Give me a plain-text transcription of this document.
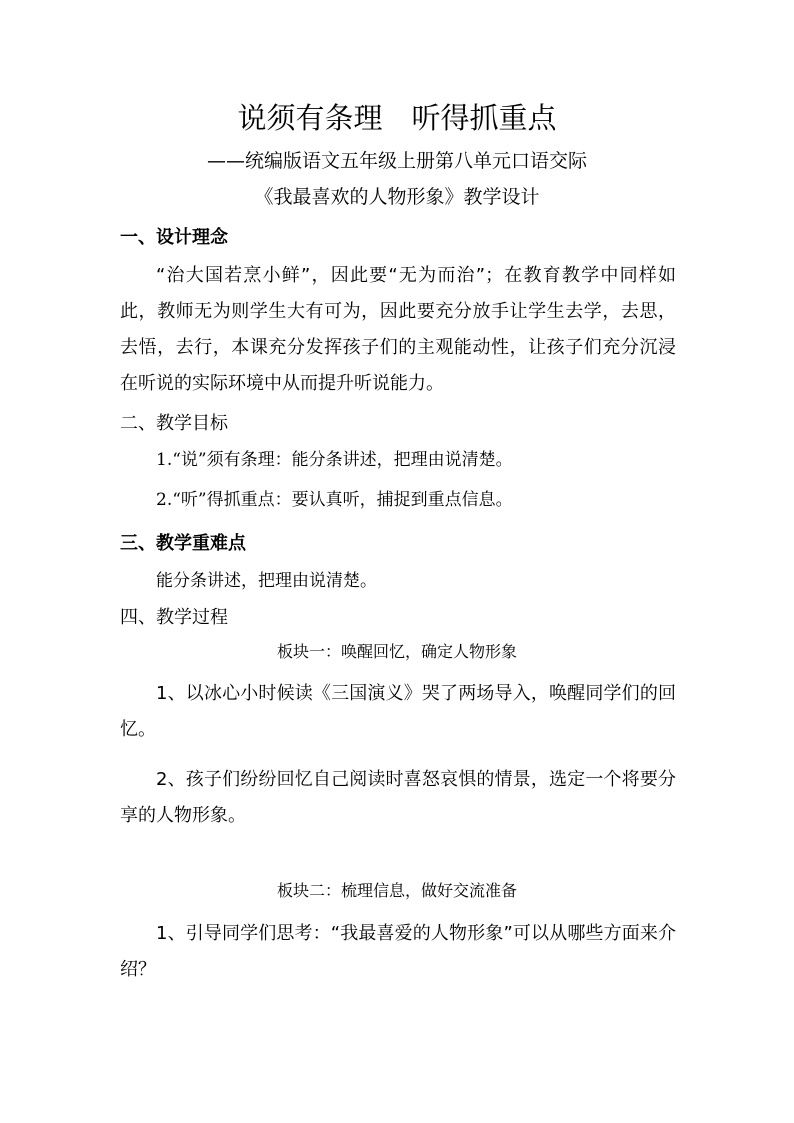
说须有条理　听得抓重点
——统编版语文五年级上册第八单元口语交际
《我最喜欢的人物形象》教学设计
一、设计理念
“治大国若烹小鲜”，因此要“无为而治”；在教育教学中同样如此，教师无为则学生大有可为，因此要充分放手让学生去学，去思，去悟，去行，本课充分发挥孩子们的主观能动性，让孩子们充分沉浸在听说的实际环境中从而提升听说能力。
二、教学目标
1.“说”须有条理：能分条讲述，把理由说清楚。
2.“听”得抓重点：要认真听，捕捉到重点信息。
三、教学重难点
能分条讲述，把理由说清楚。
四、教学过程
板块一：唤醒回忆，确定人物形象
1、以冰心小时候读《三国演义》哭了两场导入，唤醒同学们的回忆。
2、孩子们纷纷回忆自己阅读时喜怒哀惧的情景，选定一个将要分享的人物形象。
板块二：梳理信息，做好交流准备
1、引导同学们思考：“我最喜爱的人物形象”可以从哪些方面来介绍？
